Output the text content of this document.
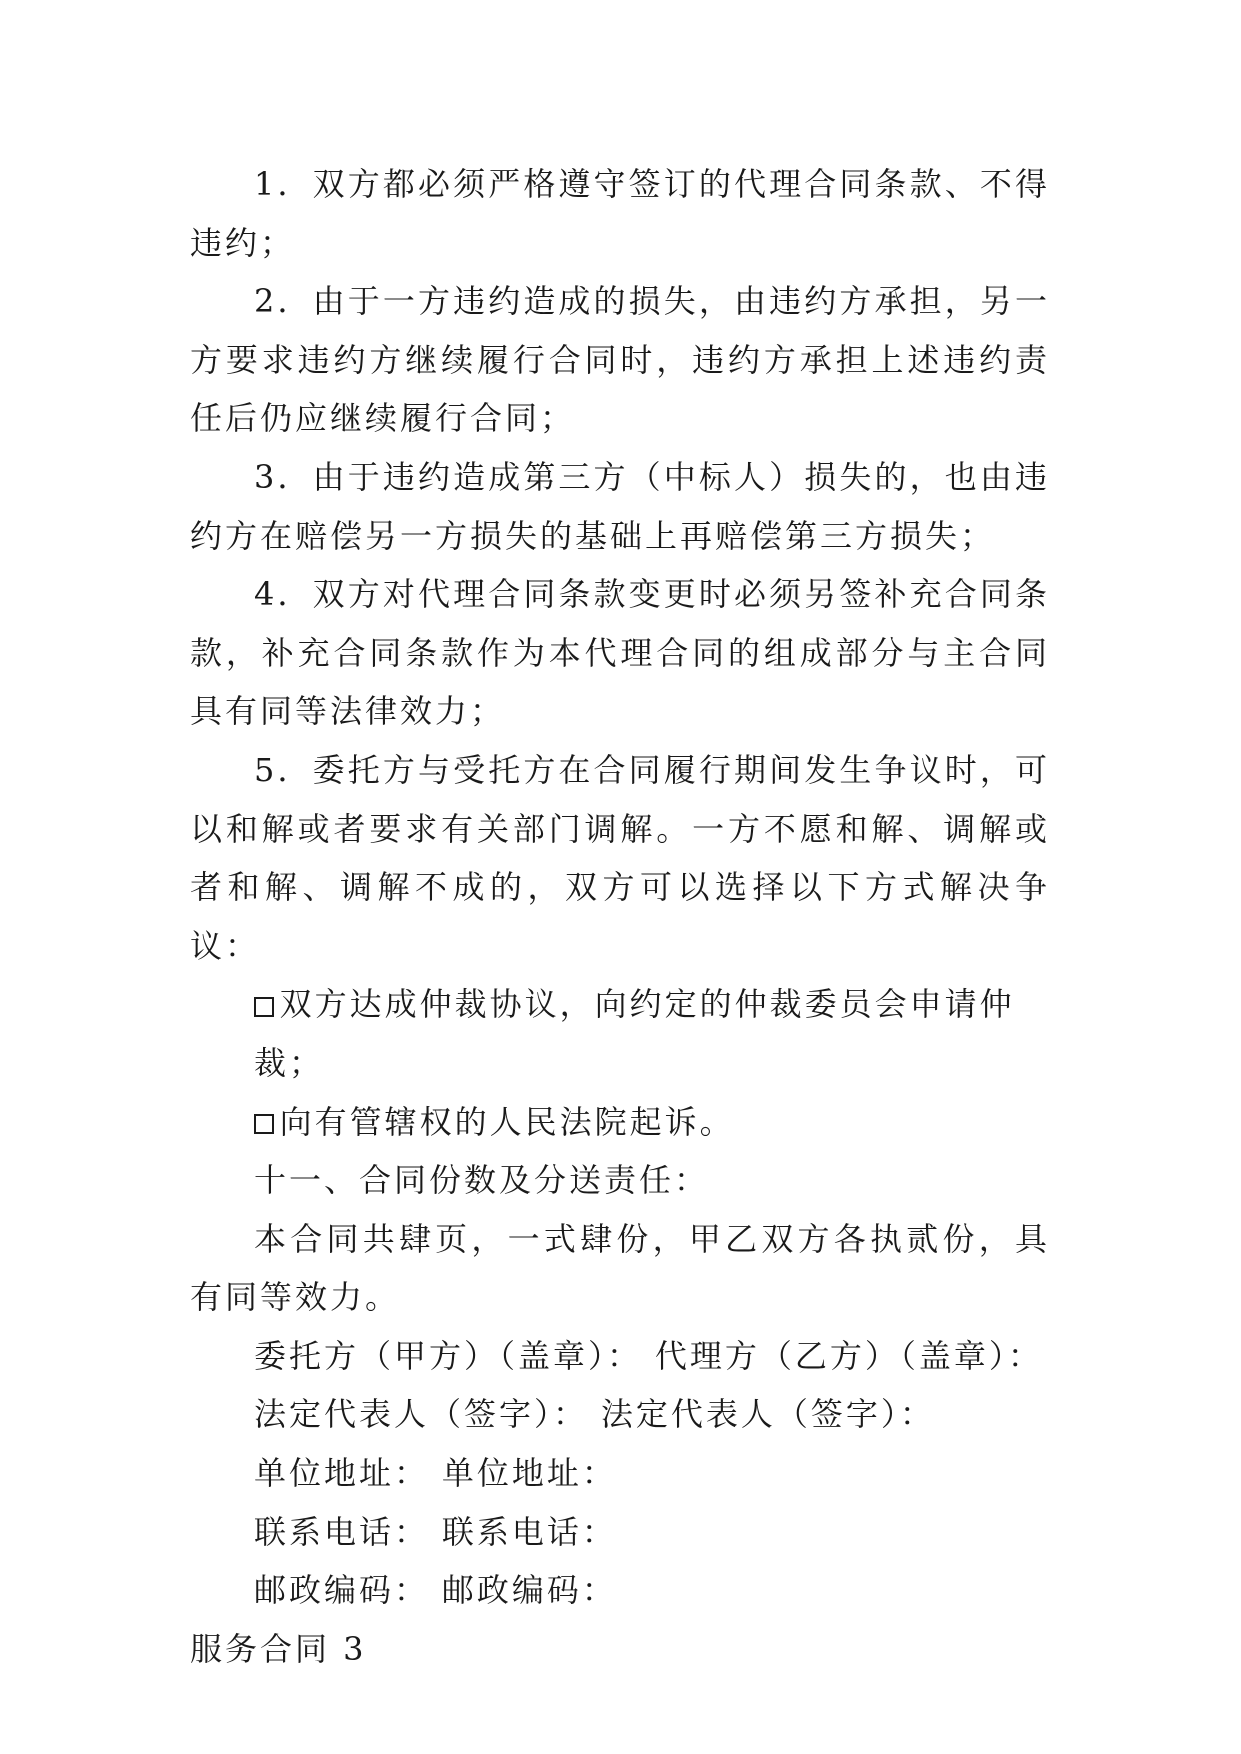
1．双方都必须严格遵守签订的代理合同条款、不得违约；

2．由于一方违约造成的损失，由违约方承担，另一方要求违约方继续履行合同时，违约方承担上述违约责任后仍应继续履行合同；

3．由于违约造成第三方（中标人）损失的，也由违约方在赔偿另一方损失的基础上再赔偿第三方损失；

4．双方对代理合同条款变更时必须另签补充合同条款，补充合同条款作为本代理合同的组成部分与主合同具有同等法律效力；

5．委托方与受托方在合同履行期间发生争议时，可以和解或者要求有关部门调解。一方不愿和解、调解或者和解、调解不成的，双方可以选择以下方式解决争议：

双方达成仲裁协议，向约定的仲裁委员会申请仲裁；
向有管辖权的人民法院起诉。

十一、合同份数及分送责任：

本合同共肆页，一式肆份，甲乙双方各执贰份，具有同等效力。

委托方（甲方）（盖章）： 代理方（乙方）（盖章）：
法定代表人（签字）： 法定代表人（签字）：
单位地址： 单位地址：
联系电话： 联系电话：
邮政编码： 邮政编码：

服务合同 3
